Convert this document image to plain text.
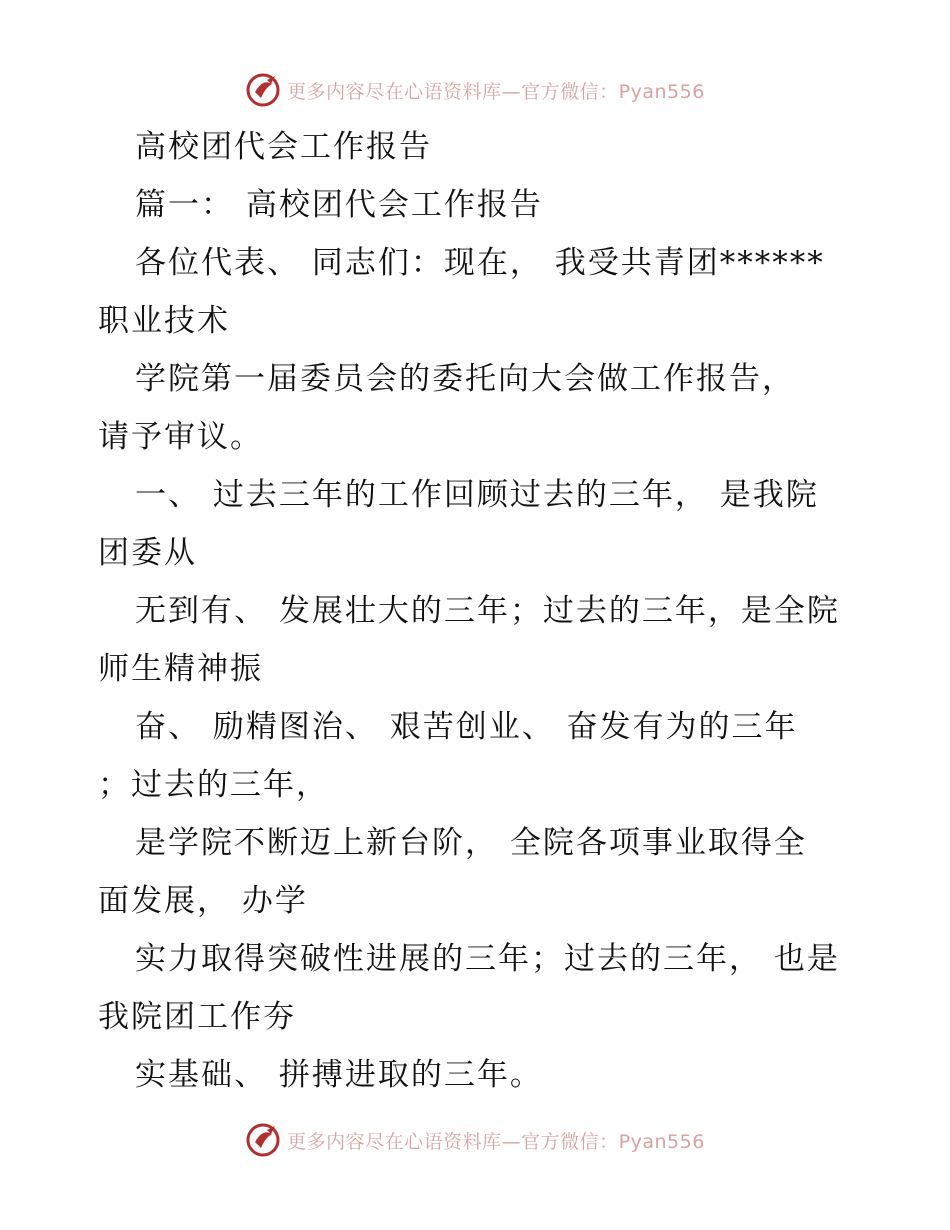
更多内容尽在心语资料库—官方微信：Pyan556
高校团代会工作报告
篇一： 高校团代会工作报告
各位代表、 同志们：现在， 我受共青团******
职业技术
学院第一届委员会的委托向大会做工作报告，
请予审议。
一、 过去三年的工作回顾过去的三年， 是我院
团委从
无到有、 发展壮大的三年；过去的三年，是全院
师生精神振
奋、 励精图治、 艰苦创业、 奋发有为的三年
；过去的三年，
是学院不断迈上新台阶， 全院各项事业取得全
面发展， 办学
实力取得突破性进展的三年；过去的三年， 也是
我院团工作夯
实基础、 拼搏进取的三年。
更多内容尽在心语资料库—官方微信：Pyan556
